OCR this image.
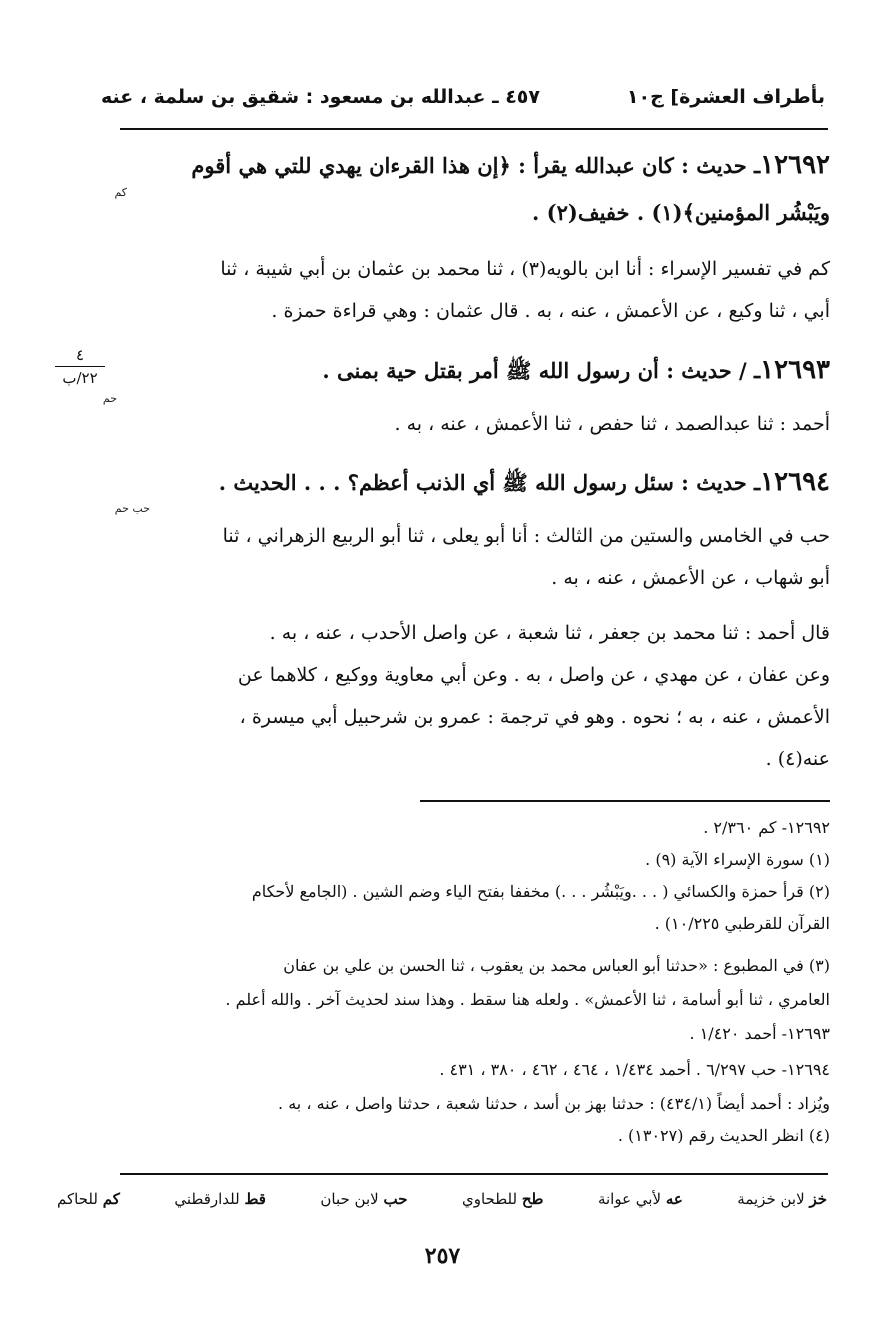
بأطراف العشرة] ج١٠
٤٥٧ ـ عبدالله بن مسعود : شقيق بن سلمة ، عنه
٤
٢٢/ب
١٢٦٩٢ـ حديث : كان عبدالله يقرأ : ﴿إن هذا القرءان يهدي للتي هي أقوم
كم
ويَبْشُر المؤمنين﴾(١) . خفيف(٢) .
كم في تفسير الإسراء : أنا ابن بالويه(٣) ، ثنا محمد بن عثمان بن أبي شيبة ، ثنا
أبي ، ثنا وكيع ، عن الأعمش ، عنه ، به . قال عثمان : وهي قراءة حمزة .
١٢٦٩٣ـ / حديث : أن رسول الله ﷺ أمر بقتل حية بمنى .
حم
أحمد : ثنا عبدالصمد ، ثنا حفص ، ثنا الأعمش ، عنه ، به .
١٢٦٩٤ـ حديث : سئل رسول الله ﷺ أي الذنب أعظم؟ . . . الحديث .
حب حم
حب في الخامس والستين من الثالث : أنا أبو يعلى ، ثنا أبو الربيع الزهراني ، ثنا
أبو شهاب ، عن الأعمش ، عنه ، به .
قال أحمد : ثنا محمد بن جعفر ، ثنا شعبة ، عن واصل الأحدب ، عنه ، به .
وعن عفان ، عن مهدي ، عن واصل ، به . وعن أبي معاوية ووكيع ، كلاهما عن
الأعمش ، عنه ، به ؛ نحوه . وهو في ترجمة : عمرو بن شرحبيل أبي ميسرة ،
عنه(٤) .
١٢٦٩٢- كم ٢/٣٦٠ .
(١) سورة الإسراء الآية (٩) .
(٢) قرأ حمزة والكسائي ( . . .ويَبْشُر . . .) مخففا بفتح الياء وضم الشين . (الجامع لأحكام
القرآن للقرطبي ١٠/٢٢٥) .
(٣) في المطبوع : «حدثنا أبو العباس محمد بن يعقوب ، ثنا الحسن بن علي بن عفان
العامري ، ثنا أبو أسامة ، ثنا الأعمش» . ولعله هنا سقط . وهذا سند لحديث آخر . والله أعلم .
١٢٦٩٣- أحمد ١/٤٢٠ .
١٢٦٩٤- حب ٦/٢٩٧ . أحمد ١/٤٣٤ ، ٤٦٤ ، ٤٦٢ ، ٣٨٠ ، ٤٣١ .
ويُزاد : أحمد أيضاً (٤٣٤/١) : حدثنا بهز بن أسد ، حدثنا شعبة ، حدثنا واصل ، عنه ، به .
(٤) انظر الحديث رقم (١٣٠٢٧) .
خز لابن خزيمة
عه لأبي عوانة
طح للطحاوي
حب لابن حبان
قط للدارقطني
كم للحاكم
٢٥٧
